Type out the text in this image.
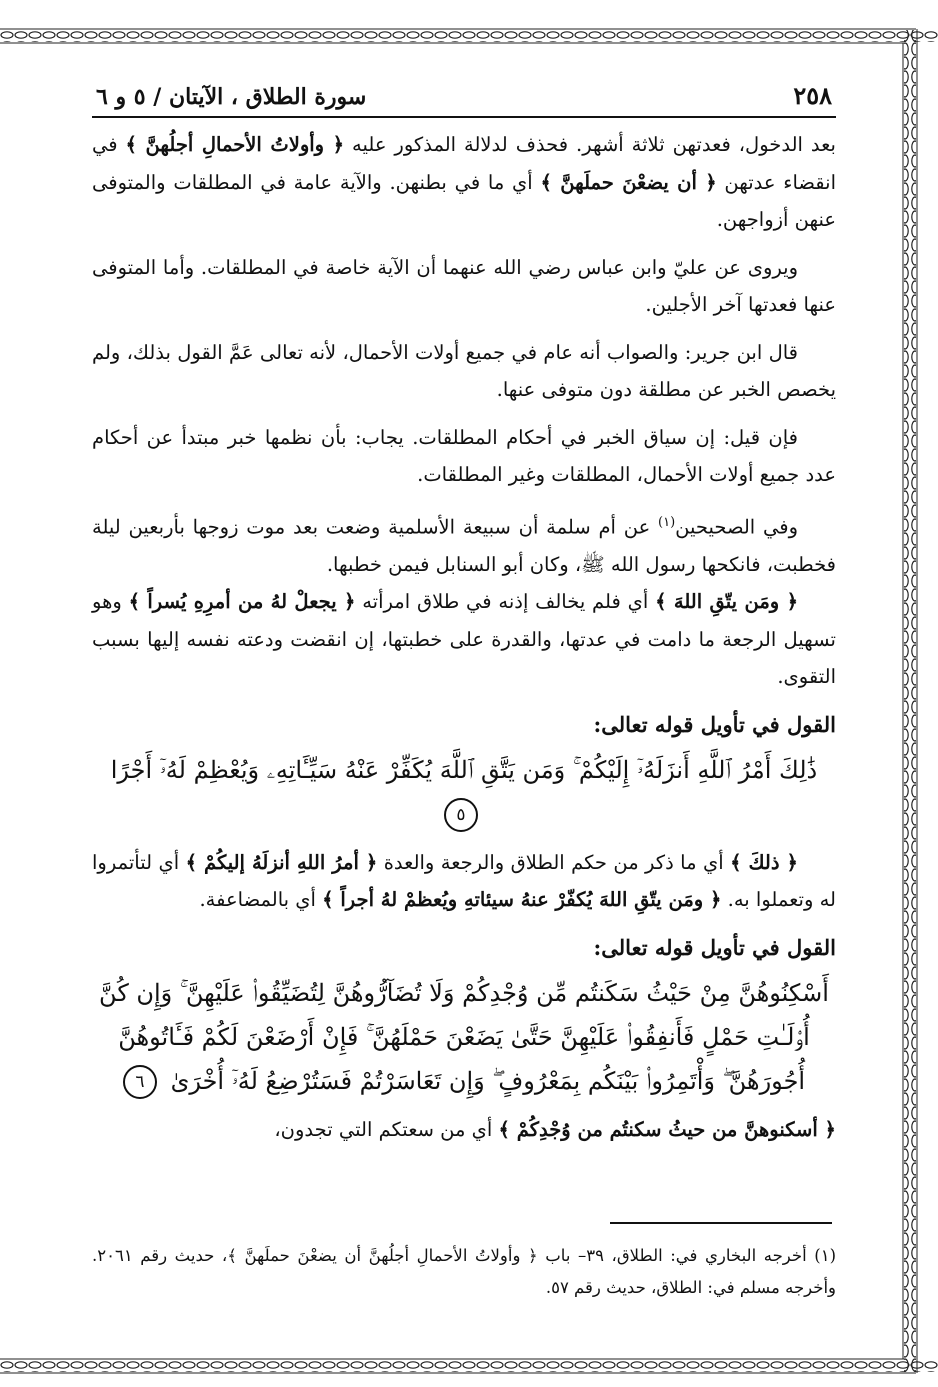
٢٥٨
سورة الطلاق ، الآيتان / ٥ و ٦

بعد الدخول، فعدتهن ثلاثة أشهر. فحذف لدلالة المذكور عليه ﴿ وأولاتُ الأحمالِ أجلُهنَّ ﴾ في انقضاء عدتهن ﴿ أن يضعْنَ حملَهنَّ ﴾ أي ما في بطنهن. والآية عامة في المطلقات والمتوفى عنهن أزواجهن.

ويروى عن عليّ وابن عباس رضي الله عنهما أن الآية خاصة في المطلقات. وأما المتوفى عنها فعدتها آخر الأجلين.

قال ابن جرير: والصواب أنه عام في جميع أولات الأحمال، لأنه تعالى عَمَّ القول بذلك، ولم يخصص الخبر عن مطلقة دون متوفى عنها.

فإن قيل: إن سياق الخبر في أحكام المطلقات. يجاب: بأن نظمها خبر مبتدأ عن أحكام عدد جميع أولات الأحمال، المطلقات وغير المطلقات.

وفي الصحيحين$^{(١)}$ عن أم سلمة أن سبيعة الأسلمية وضعت بعد موت زوجها بأربعين ليلة فخطبت، فانكحها رسول الله ﷺ، وكان أبو السنابل فيمن خطبها.

﴿ ومَن يتّقِ اللهَ ﴾ أي فلم يخالف إذنه في طلاق امرأته ﴿ يجعلْ لهُ من أمرِهِ يُسراً ﴾ وهو تسهيل الرجعة ما دامت في عدتها، والقدرة على خطبتها، إن انقضت ودعته نفسه إليها بسبب التقوى.

القول في تأويل قوله تعالى:
ذَٰلِكَ أَمْرُ ٱللَّهِ أَنزَلَهُۥٓ إِلَيْكُمْ ۚ وَمَن يَتَّقِ ٱللَّهَ يُكَفِّرْ عَنْهُ سَيِّـَٔاتِهِۦ وَيُعْظِمْ لَهُۥٓ أَجْرًا ٥

﴿ ذلكَ ﴾ أي ما ذكر من حكم الطلاق والرجعة والعدة ﴿ أمرُ اللهِ أنزلَهُ إليكُمْ ﴾ أي لتأتمروا له وتعملوا به. ﴿ ومَن يتّقِ اللهَ يُكفّرْ عنهُ سيئاتهِ ويُعظمْ لهُ أجراً ﴾ أي بالمضاعفة.

القول في تأويل قوله تعالى:
أَسْكِنُوهُنَّ مِنْ حَيْثُ سَكَنتُم مِّن وُجْدِكُمْ وَلَا تُضَآرُّوهُنَّ لِتُضَيِّقُوا۟ عَلَيْهِنَّ ۚ وَإِن كُنَّ أُو۟لَـٰتِ حَمْلٍ فَأَنفِقُوا۟ عَلَيْهِنَّ حَتَّىٰ يَضَعْنَ حَمْلَهُنَّ ۚ فَإِنْ أَرْضَعْنَ لَكُمْ فَـَٔاتُوهُنَّ أُجُورَهُنَّ ۖ وَأْتَمِرُوا۟ بَيْنَكُم بِمَعْرُوفٍ ۖ وَإِن تَعَاسَرْتُمْ فَسَتُرْضِعُ لَهُۥٓ أُخْرَىٰ ٦

﴿ أسكنوهنَّ من حيثُ سكنتُم من وُجْدِكُمْ ﴾ أي من سعتكم التي تجدون،

(١) أخرجه البخاري في: الطلاق، ٣٩– باب ﴿ وأولاتُ الأحمالِ أجلُهنَّ أن يضعْنَ حملَهنَّ ﴾، حديث رقم ٢٠٦١. وأخرجه مسلم في: الطلاق، حديث رقم ٥٧.
